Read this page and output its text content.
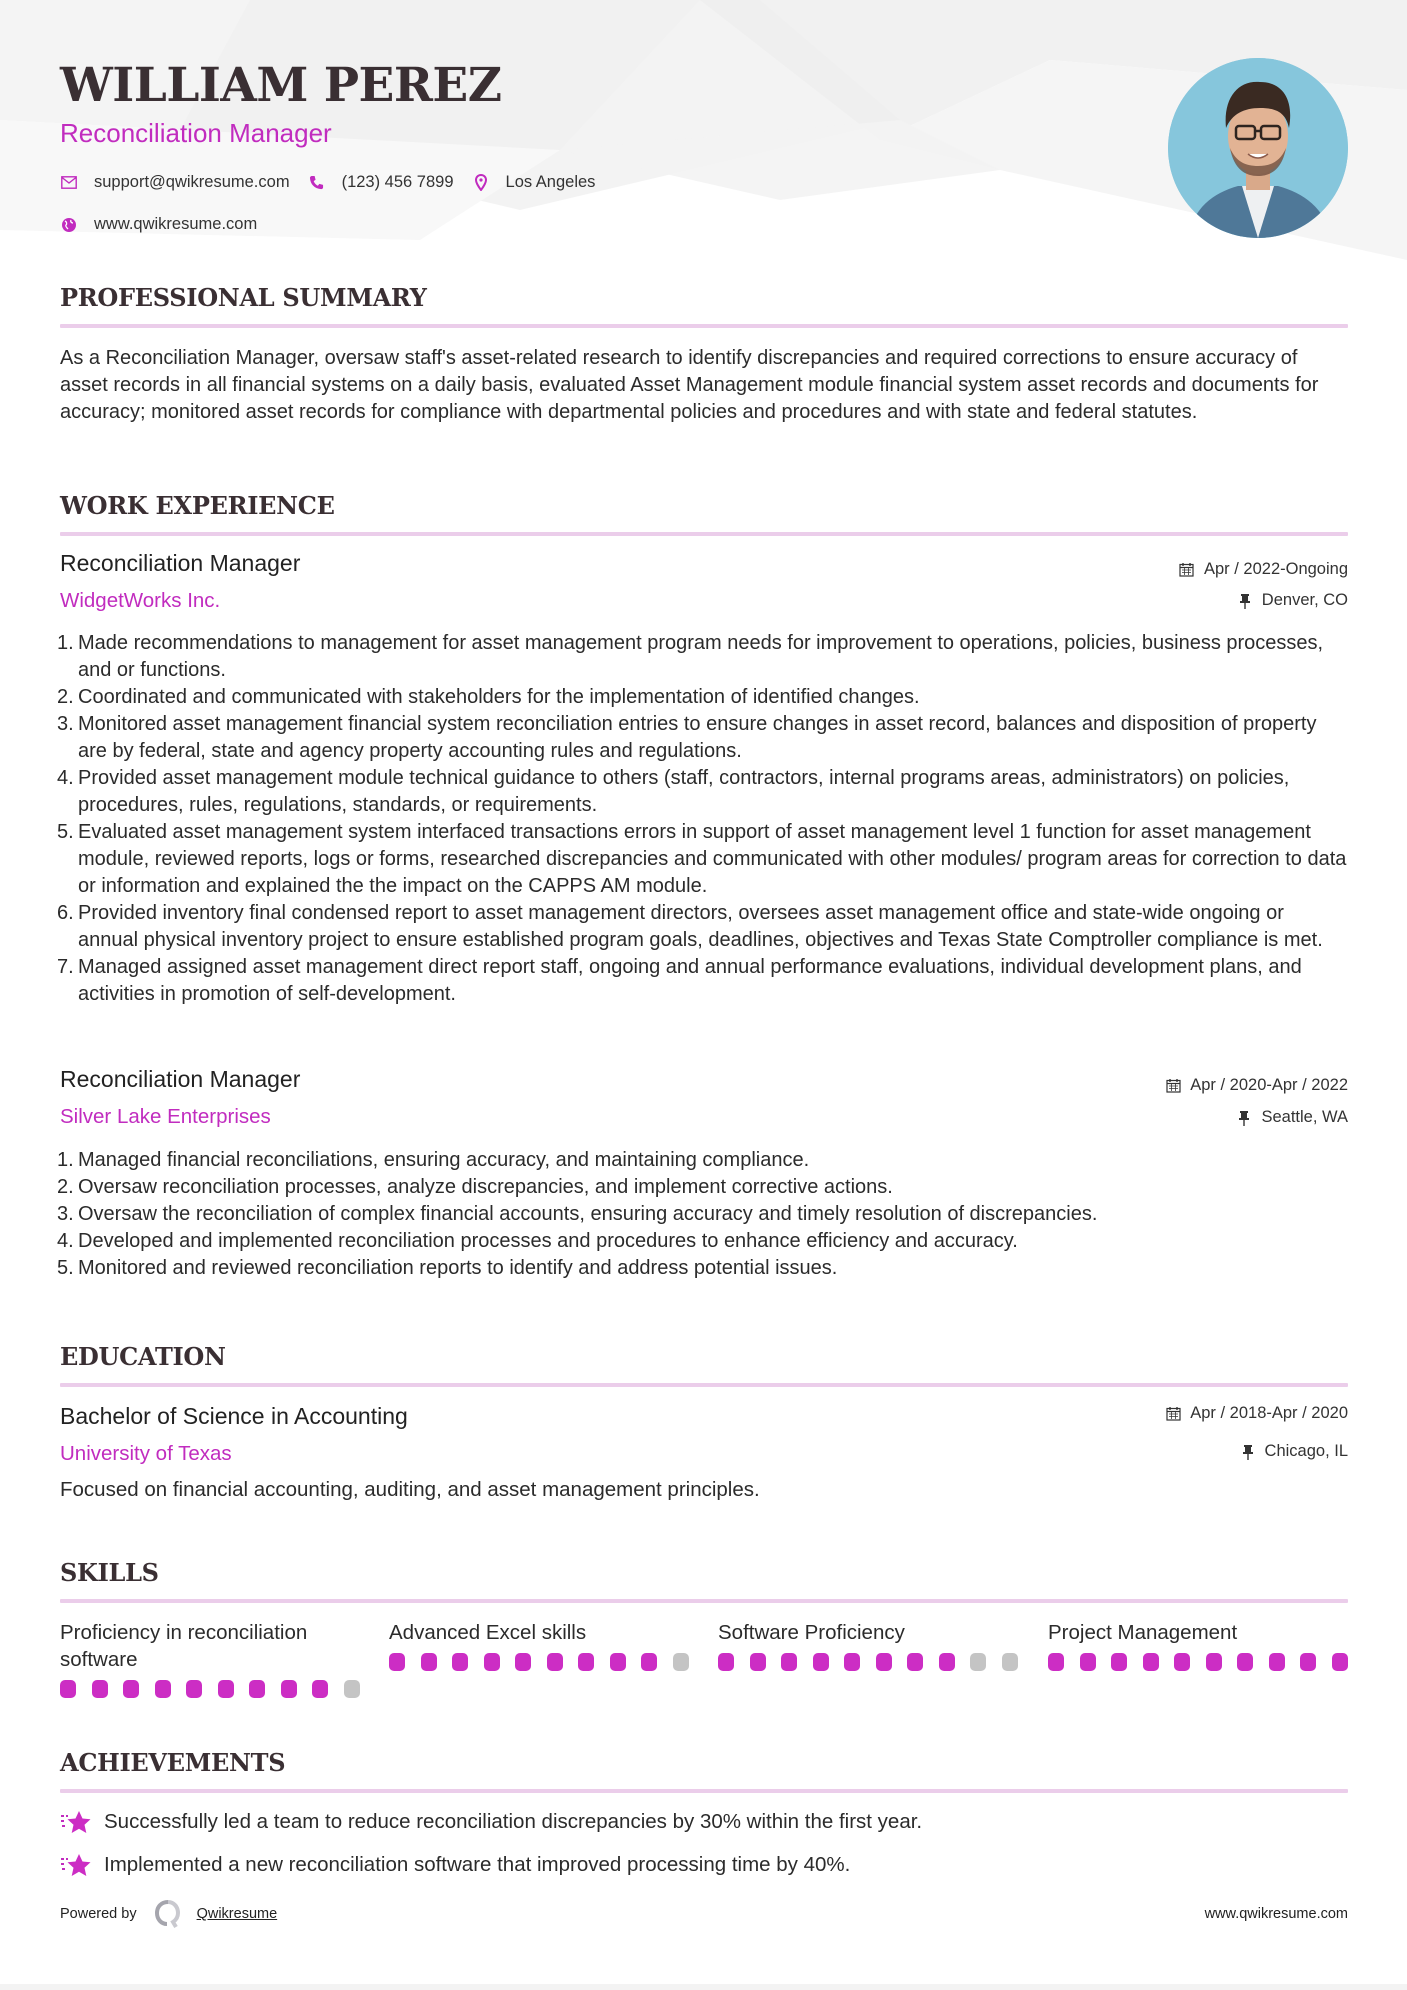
WILLIAM PEREZ
Reconciliation Manager
support@qwikresume.com	(123) 456 7899	Los Angeles
www.qwikresume.com
PROFESSIONAL SUMMARY

As a Reconciliation Manager, oversaw staff's asset-related research to identify discrepancies and required corrections to ensure accuracy of asset records in all financial systems on a daily basis, evaluated Asset Management module financial system asset records and documents for accuracy; monitored asset records for compliance with departmental policies and procedures and with state and federal statutes.

WORK EXPERIENCE
Reconciliation Manager
WidgetWorks Inc.
Apr / 2022-Ongoing
Denver, CO
1. Made recommendations to management for asset management program needs for improvement to operations, policies, business processes, and or functions.
2. Coordinated and communicated with stakeholders for the implementation of identified changes.
3. Monitored asset management financial system reconciliation entries to ensure changes in asset record, balances and disposition of property are by federal, state and agency property accounting rules and regulations.
4. Provided asset management module technical guidance to others (staff, contractors, internal programs areas, administrators) on policies, procedures, rules, regulations, standards, or requirements.
5. Evaluated asset management system interfaced transactions errors in support of asset management level 1 function for asset management module, reviewed reports, logs or forms, researched discrepancies and communicated with other modules/ program areas for correction to data or information and explained the the impact on the CAPPS AM module.
6. Provided inventory final condensed report to asset management directors, oversees asset management office and state-wide ongoing or annual physical inventory project to ensure established program goals, deadlines, objectives and Texas State Comptroller compliance is met.
7. Managed assigned asset management direct report staff, ongoing and annual performance evaluations, individual development plans, and activities in promotion of self-development.
Reconciliation Manager
Silver Lake Enterprises
Apr / 2020-Apr / 2022
Seattle, WA
1. Managed financial reconciliations, ensuring accuracy, and maintaining compliance.
2. Oversaw reconciliation processes, analyze discrepancies, and implement corrective actions.
3. Oversaw the reconciliation of complex financial accounts, ensuring accuracy and timely resolution of discrepancies.
4. Developed and implemented reconciliation processes and procedures to enhance efficiency and accuracy.
5. Monitored and reviewed reconciliation reports to identify and address potential issues.
EDUCATION
Bachelor of Science in Accounting
University of Texas
Apr / 2018-Apr / 2020
Chicago, IL
Focused on financial accounting, auditing, and asset management principles.
SKILLS
Proficiency in reconciliation software
Advanced Excel skills	Software Proficiency	Project Management
ACHIEVEMENTS
Successfully led a team to reduce reconciliation discrepancies by 30% within the first year.
Implemented a new reconciliation software that improved processing time by 40%.
Powered by	Qwikresume	www.qwikresume.com
